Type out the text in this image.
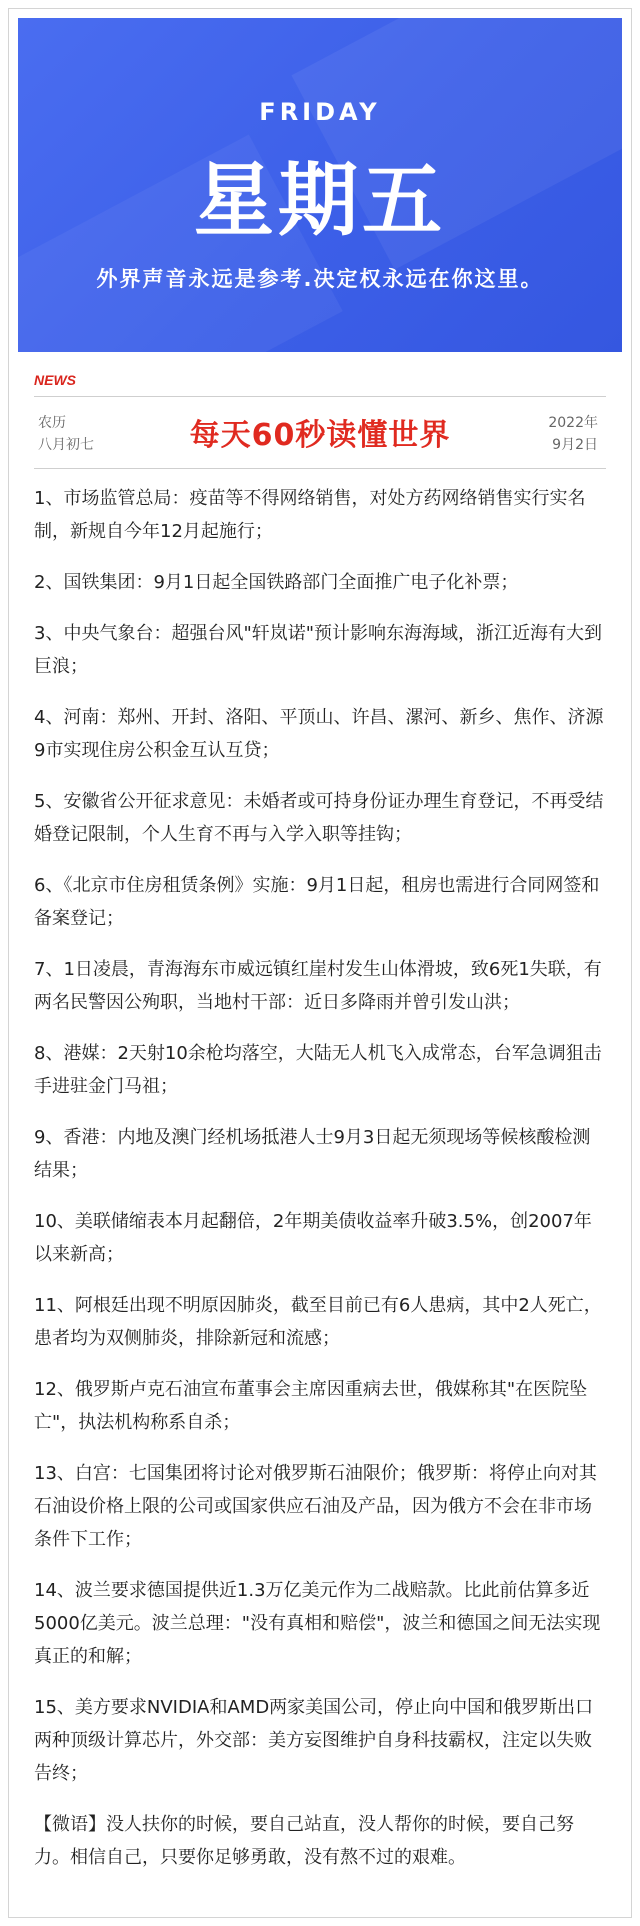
FRIDAY
星期五
外界声音永远是参考.决定权永远在你这里。
NEWS
农历
八月初七	每天60秒读懂世界	2022年
9月2日

1、市场监管总局：疫苗等不得网络销售，对处方药网络销售实行实名制，新规自今年12月起施行；

2、国铁集团：9月1日起全国铁路部门全面推广电子化补票；

3、中央气象台：超强台风"轩岚诺"预计影响东海海域，浙江近海有大到巨浪；

4、河南：郑州、开封、洛阳、平顶山、许昌、漯河、新乡、焦作、济源9市实现住房公积金互认互贷；

5、安徽省公开征求意见：未婚者或可持身份证办理生育登记，不再受结婚登记限制，个人生育不再与入学入职等挂钩；

6、《北京市住房租赁条例》实施：9月1日起，租房也需进行合同网签和备案登记；

7、1日凌晨，青海海东市威远镇红崖村发生山体滑坡，致6死1失联，有两名民警因公殉职，当地村干部：近日多降雨并曾引发山洪；

8、港媒：2天射10余枪均落空，大陆无人机飞入成常态，台军急调狙击手进驻金门马祖；

9、香港：内地及澳门经机场抵港人士9月3日起无须现场等候核酸检测结果；

10、美联储缩表本月起翻倍，2年期美债收益率升破3.5%，创2007年以来新高；

11、阿根廷出现不明原因肺炎，截至目前已有6人患病，其中2人死亡，患者均为双侧肺炎，排除新冠和流感；

12、俄罗斯卢克石油宣布董事会主席因重病去世，俄媒称其"在医院坠亡"，执法机构称系自杀；

13、白宫：七国集团将讨论对俄罗斯石油限价；俄罗斯：将停止向对其石油设价格上限的公司或国家供应石油及产品，因为俄方不会在非市场条件下工作；

14、波兰要求德国提供近1.3万亿美元作为二战赔款。比此前估算多近5000亿美元。波兰总理："没有真相和赔偿"，波兰和德国之间无法实现真正的和解；

15、美方要求NVIDIA和AMD两家美国公司，停止向中国和俄罗斯出口两种顶级计算芯片，外交部：美方妄图维护自身科技霸权，注定以失败告终；

【微语】没人扶你的时候，要自己站直，没人帮你的时候，要自己努力。相信自己，只要你足够勇敢，没有熬不过的艰难。
